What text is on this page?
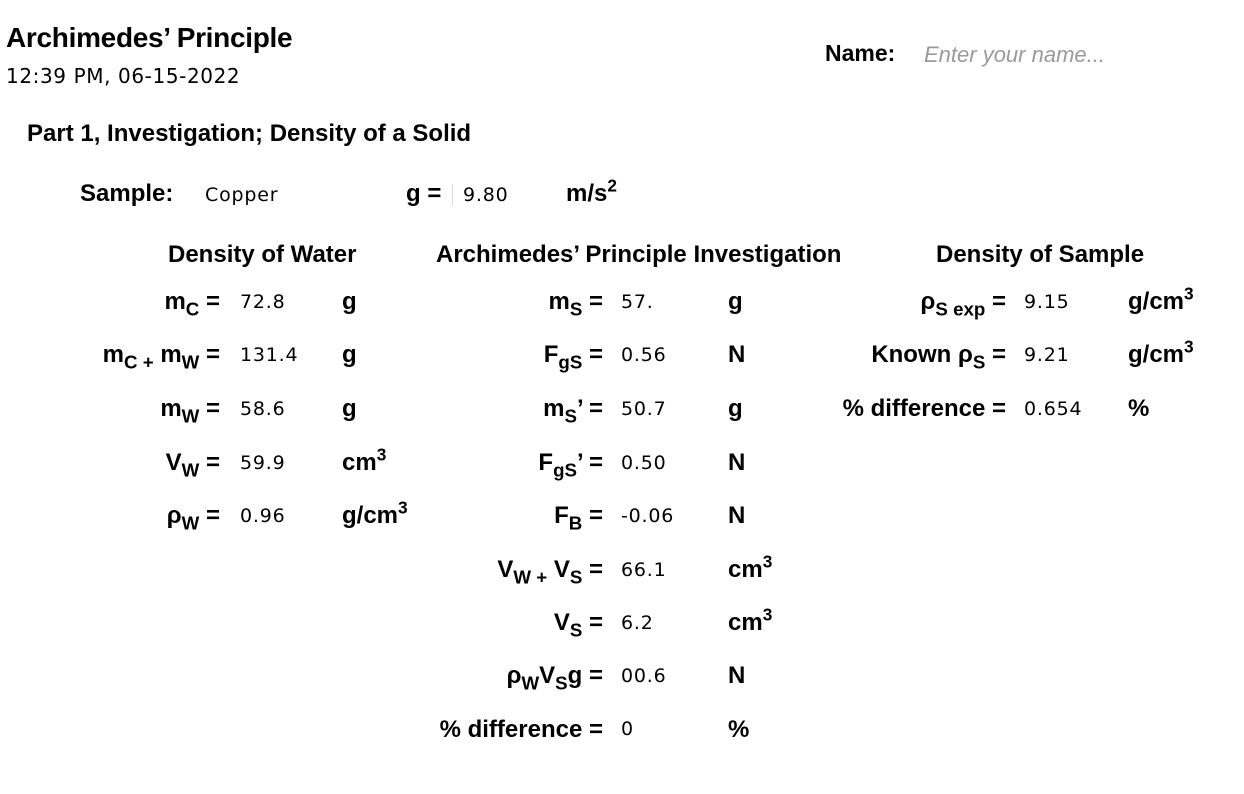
Archimedes’ Principle
12:39 PM, 06-15-2022
Name:
Enter your name...
Part 1, Investigation; Density of a Solid
Sample: Copper	g =	9.80 $m/s^2$
Density of Water	Archimedes’ Principle Investigation	Density of Sample
$m_C = 72.8$ g
$m_{C +}$ $m_W = 131.4$ g
$m_W = 58.6$ g
$V_W = 59.9$ $cm^3$
$\rho_W = 0.96$ $g/cm^3$
$m_S = 57$.	g
$F_{gS} = 0.56$	N
$m_S$’ = 50.7	g
$F_{gS}$’ = 0.50	N
$F_B = -0.06$ N
$V_{W +}$ $V_S = 66.1$	$cm^3$
$V_S = 6.2$	$cm^3$
$\rho_WV_Sg = 00.6$	N
% difference = 0	%
$\rho_{S exp} = 9.15$ $g/cm^3$
Known $\rho_S = 9.21$ $g/cm^3$
% difference = 0.654 %
